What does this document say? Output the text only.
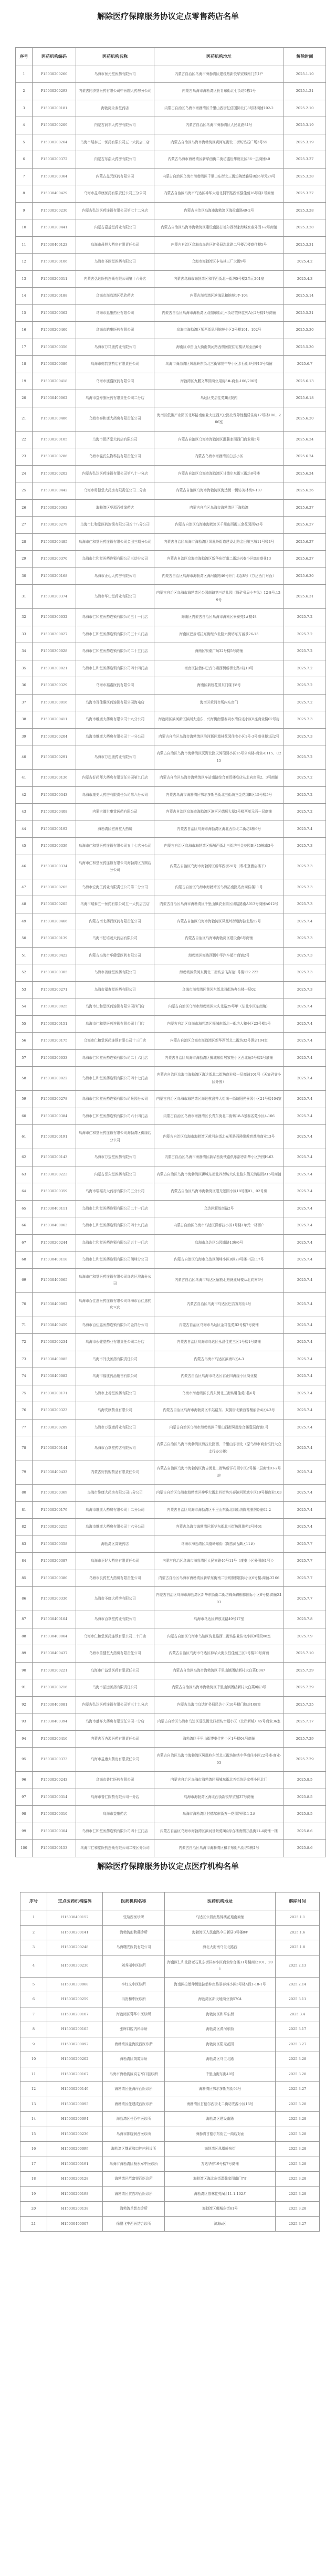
解除医疗保障服务协议定点零售药店名单
序号	医药机构编码	医药机构名称	医药机构地址	解除时间
1	P15030200260	乌海市医元堂医药有限公司	内蒙古自治区乌海市海勃湾区建设路新悦华贸城南门东1户	2025.1.10
2	P15030200293	内蒙古同济堂医药有限公司中医院大药房分公司	内蒙古乌海市海勃湾区长青东街北七街坊6栋1号	2025.1.21
3	P15030200181	海勃湾永泰堂药店	内蒙古自治区乌海市海勃湾区千里山西街亿信国际北门8号楼商铺102-2	2025.2.10
4	P15030200209	内蒙古润丰大药房有限公司	内蒙古自治区乌海市海勃湾区人民北路81号	2025.3.19
5	P15030200264	乌海市瑞泰五一医药有限公司五一大药店二店	内蒙古自治区乌海市海勃湾区黄河东街北二街坊钻石广场3号55	2025.3.19
6	P15030200372	内蒙古东浩大药房有限公司	内蒙古乌海市海勃湾区新华西街二街坊盛世华庭北区36一层商铺40	2025.3.27
7	P15030200364	内蒙古益元医药有限公司	内蒙古自治区乌海市海勃湾区千里山东街北三街坊陶然雅居B座6单元24号	2025.3.28
8	P15030400429	乌海市益寿康医药有限责任公司三分公司	内蒙古自治区乌海市乌达区神华大道北拥军路西富强佳苑16号楼1号商铺	2025.3.27
9	P15030200230	内蒙古弘达医药连锁有限公司第七十二分店	内蒙古自治区乌海市海勃湾区海拉南路49-2号	2025.3.28
10	P15030200441	内蒙古嘉益堂药业有限公司	内蒙古自治区乌海市海勃湾区建设南路甘德尔西街家海城家泰外围1-2号商铺	2025.3.28
11	P15030400123	乌海市晨旭大药房有限责任公司	内蒙古自治区乌海市乌达区矿务局沟北路二号楼乙楼商住楼5号	2025.3.31
12	P15030200106	乌海市圣医堂医药有限公司	乌海市海勃湾区卡布其三厂大街9号	2025.4.2
13	P15030200311	内蒙古弘达医药连锁有限公司第十六分店	内蒙古乌海市海勃湾区和平西街北一街坊5号楼2单元201室	2025.4.3
14	P15030200188	乌海市海勃湾区弘欣药店	内蒙古海勃湾区滨海恩和锦苑1#-104	2025.5.14
15	P15030200362	乌海市惠康药业有限公司	内蒙古自治区乌海市海勃湾区双拥东街北六街坊依林佳苑A区2号楼1号商铺	2025.5.21
16	P15030200460	乌海市皓康医药有限公司	乌海市海勃湾区紫西街恩河锦苑小区2号楼101、102号	2025.5.30
17	P15030300356	乌海市万祥康药业有限公司	海南区卓资山大街南黄河路西侧医院住宅楼从东至西6号	2025.5.30
18	P15030200389	乌海市荷韵堂药店有限责任公司	乌海市海渤湾区凤凰岭东街北三街锦绣中华小区步行街8号楼13号商铺	2025.6.7
19	P15030200418	乌海市康盛医药有限公司	海勃湾区九鹏文华园商业用房5#-商业-106/206号	2025.6.13
20	P15030400062	乌海市益寿康医药有限责任公司二分店	乌达区安居佳苑B区院内	2025.6.18
21	P15030300486	乌海市泰和康大药房有限责任公司	海南区低碳产业园区北环路南创业大道西兴业路北保障性租赁住房17号楼106、206室	2025.6.20
22	P15030200105	乌海市保济堂大药店有限公司	内蒙古自治区乌海市海勃湾区温馨家园西门商业楼5号	2025.6.24
23	P15030200286	乌海市温氏生物科技有限责任公司	内蒙古乌海市海勃湾区白云小区	2025.6.24
24	P15030200202	内蒙古弘达医药连锁有限公司第八十一分店	内蒙古自治区乌海市海勃湾区甘德尔东街三街坊8号楼	2025.6.24
25	P15030200442	乌海市勇健堂大药房有限责任公司二分店	内蒙古自治区乌海市海勃湾区海达街一街坊美林湾9-107	2025.6.26
26	P15030200363	海勃湾区华源百姓缘药店	内蒙古自治区乌海市海勃湾区下海勃湾	2025.6.27
27	P15030200279	乌海市仁和堂医药连锁有限公司五十八分公司	内蒙古自治区乌海市海勃湾区千里山西街三金花园西A3号	2025.6.27
28	P15030200485	乌海市仁和堂医药连锁有限公司金田三期分公司	内蒙古自治区乌海市海勃湾区凤凰岭街道建设北路金田第三城11号楼4号	2025.6.27
29	P15030200370	乌海市仁和堂医药连锁有限公司三幼分公司	内蒙古自治区乌海市海勃湾区新华东街南二街坊兴泰小区D座商业13	2025.6.27
30	P15030200168	乌海市正心大药房有限公司	内蒙古自治区乌海市海勃湾区海河南路46号开门北起8号（万达西门对面）	2025.6.30
31	P15030200374	乌海市华仁堂药业有限公司	内蒙古自治区乌海市海勃湾区公园南路第三幼儿园（原矿务局小车队）12-8号,12-9号	2025.6.31
32	P15030300032	乌海市仁和堂医药连锁有限公司三十一门店	海南区内蒙古自治区乌海市海南区景泰苑1#楼48	2025.7.2
33	P15030300027	乌海市仁和堂医药连锁有限公司三十八门店	海南区巴彦塔拉东街经六北路六街坊东方丽景26-15	2025.7.2
34	P15030300028	乌海市仁和堂医药连锁有限公司二十五门店	海南区银泰广场32号楼5号商铺	2025.7.2
35	P15030300021	乌海市仁和堂医药连锁有限公司四十四门店	海南区拉僧仲巴音乌素西街新桥北路1栋10号	2025.7.2
36	P15030300329	乌海市福鑫医药有限公司	海南区新桥花园东门楼下8号	2025.7.2
37	P15030300016	乌海市百佳惠医药连锁有限公司海屯店	海南区黄河市场内东南门	2025.7.2
38	P15030200411	乌海市维康大药房有限公司十九分公司	海勃湾区滨河新区滨河大道东、兴海街南银泰尚水湾住宅小区B座商业楼02号房	2025.7.3
39	P15030200204	乌海市维康大药房有限公司十一分公司	内蒙古自治区乌海市海勃湾区滨河新区澳林花园住宅小区1号-3号商业楼1层2号	2025.7.3
40	P15030200291	乌海市万忠康药业有限公司	内蒙古自治区乌海市海勃湾区沃野北路天鸿瑞园小区15号公寓楼-商业-C115、C215	2025.7.2
41	P15030200136	内蒙古好药师大药店有限责任公司第九门店	内蒙古自治区乌海市海勃湾区车站南路综合商贸楼底店从北向南第2、3号商铺	2025.7.2
42	P15030200343	乌海市康美大药房有限责任公司第六分公司	内蒙古乌海市海勃湾区鄂尔多斯西街北三街坊三金花园B区15号楼5号	2025.7.2
43	P15030200408	内蒙古御世康堂医药有限公司	内蒙古自治区乌海市海勃湾区滨河区德顺大厦2号楼西单元西一层商铺	2025.7.2
44	P15030200192	海勃湾区宏善堂大药房	内蒙古自治区乌海市海勃湾区海北西街北二街坊4栋6号	2025.7.4
45	P15030200339	乌海市仁和堂医药连锁有限公司五十七店分公司	内蒙古自治区乌海市海勃湾区狮城西街北三街坊三金花园B区15栋南3号	2025.7.3
46	P15030200334	乌海市仁和堂医药连锁有限公司海勃湾区方圆店分公司	内蒙古自治区乌海市海勃湾区新华西街28号（科来登酒店楼下）	2025.7.3
47	P15030200265	乌海市宏海王药业有限责任公司第二分公司	内蒙古自治区乌海市海勃湾区乌海站南路站南商住楼11号	2025.7.3
48	P15030200205	乌海市瑞泰五一医药有限公司五一大药店五店	内蒙古自治区乌海市海勃湾区千里山镇农业园区团结路南A013号商铺A012号	2025.7.3
49	P15030200466	内蒙古南北药行医药有限责任公司	内蒙古自治区乌海市海勃湾区凤凰岭街道海拉北路52号	2025.7.4
50	P15030200139	乌海市任培茂大药店有限公司	内蒙古自治区乌海市海勃湾区建设南6号商铺	2025.7.3
51	P15030200422	内蒙古乌海市华健堂医药有限公司	海勃湾区海达西街中孚汽车超市商铺2号	2025.7.3
52	P15030200305	乌海市善缘堂医药有限公司	海勃湾区黄河东街北二街坊云飞宾馆1号楼122.222	2025.7.3
53	P15030200271	乌海市福寿堂医药有限公司	乌海市海勃湾区黄河东街北四街坊办公楼一层02	2025.7.3
54	P15030200025	乌海市仁和堂医药连锁有限公司四门店	内蒙古自治区乌海市海勃湾区大庆北路29号甲（估北小区东南角）	2025.7.4
55	P15030200151	乌海市仁和堂医药连锁有限公司十门店	内蒙古自治区乌海市海勃湾区狮城东街北一街坊人和小区23号楼1号	2025.7.4
56	P15030200175	乌海市仁和堂医药连锁有限公司十三门店	内蒙古自治区乌海市海勃湾区新华西街北二街坊32号酒店104室	2025.7.4
57	P15030200033	乌海市仁和堂医药连锁有限公司二十六门店	内蒙古自治区乌海市海勃湾区狮城东街居家苑小区西北角5号楼2号底铺	2025.7.4
58	P15030200022	乌海市仁和堂医药连锁有限公司四十七门店	内蒙古自治区乌海市海勃湾区海达街北二街坊商业楼一层商铺101号（天宸君睿小区外围）	2025.7.4
59	P15030200278	乌海市仁和堂医药连锁有限公司景园分公司	内蒙古自治区乌海市海勃湾区海达棋盘井大街南一街坊阳光景园小区21号楼104室	2025.7.4
60	P15030200384	乌海市仁和堂医药连锁有限公司六十四门店	内蒙古自治区乌海市海勃湾区长青东街北二街坊18-5景泰名苑小区4-106	2025.7.4
61	P15030200191	乌海市仁和堂医药连锁有限公司海勃湾区御缘店分公司	内蒙古自治区乌海市海勃湾区黄河东街北光明路西瑛缘教育基地商业13号	2025.7.4
62	P15030200143	乌海市万宝堂医药有限公司	内蒙古自治区乌海市海勃湾区新华西街铁路俱乐部旁新华小区外围H-63	2025.7.4
63	P15030200223	内蒙古誉久堂医药有限公司	内蒙古自治区乌海市海勃湾区狮城东街北四街坊大庆北路东侧天鸿瑞园A15号商铺	2025.7.4
64	P15030200359	乌海市瑞福安大药房有限公司三分公司	内蒙古自治区乌海市海勃湾区阳光景园小区18号楼01、02号房	2025.7.4
65	P15030400111	乌海市仁和堂医药连锁有限公司二十一门店	乌达区解放南路2号	2025.7.4
66	P15030400063	乌海市仁和堂医药连锁有限公司四十九门店	内蒙古自治区乌海市乌达区满都拉小区1号楼1单元一楼西户	2025.7.4
67	P15030200244	乌海市仁和堂医药连锁有限公司五十一门店	乌海市乌达区公园南路13栋6号	2025.7.4
68	P15030400118	乌海市仁和堂医药连锁有限公司朗峰分公司	内蒙古自治区乌海市乌达区朗峰小区B区29号楼一层117号	2025.7.4
69	P15030400065	乌海市仁和堂医药连锁有限公司乌达区滨海分公司	内蒙古自治区乌海市乌达区解放北路就业局楼从北向南3号	2025.7.4
70	P15030400092	乌海市百佳惠医药连锁有限公司乌海市百佳惠药店三店	内蒙古自治区乌海市乌达区巴音赛东街4号	2025.7.4
71	P15030400459	乌海市百佳惠医药连锁有限公司金祥分公司	内蒙古自治区乌海市乌达区金祥佳苑B2号楼7号商铺	2025.7.4
72	P15030200234	乌海市永健堂药业有限责任公司二分店	内蒙古自治区乌海市乌达区永昌佳苑三区1号楼1号商铺	2025.7.4
73	P15030400085	乌海市闫氏医药有限责任公司	内蒙古乌海市乌达区滨海B区A-3	2025.7.4
74	P15030400082	乌海市福康药品销售有限公司	内蒙古自治区乌海市乌达区君正四海缘小区商业楼	2025.7.4
75	P15030200171	乌海市上善堂医药有限公司	乌海市海勃湾区长青东街北三街坊馨佳苑8栋6号	2025.7.4
76	P15030200323	乌海安康药业有限公司	内蒙古自治区乌海市海勃湾区车站路东、双拥街北紫西香榭丽舍A区4-3号	2025.7.4
77	P15030200289	乌海市万壹康药业有限公司	内蒙古自治区乌海市海勃湾区千里山西街凤凰综合楼壹层商铺1号	2025.7.4
78	P15030200144	乌海市百草堂药店有限公司	内蒙古自治区乌海市海勃湾区海拉北路西、千里山东街北（原乌海市商业银行大众支行办公楼）	2025.7.4
79	P15030400433	内蒙古好药购药品有限责任公司	内蒙古自治区乌海市海勃湾区海吉街北二街坊新洋花园小区2号楼一层商铺01-2号房	2025.7.4
80	P15030200369	乌海市维康大药房有限公司八分公司	内蒙古自治区乌海市海勃湾区神华大街北四街坊兴泰滨河领域小区19号楼商业103	2025.7.4
81	P15030200179	乌海市维康大药房有限公司十二分公司	内蒙古自治区乌海市海勃湾区千里山东街北四街坊陶然雅居Q座02-2	2025.7.4
82	P15030200215	乌海市维康大药房有限公司十六分公司	内蒙古乌海市海勃湾区新华东街北三街坊凯豫苑2号楼01	2025.7.4
83	P15030200358	海勃湾区高媛药店	乌海市海勃湾区凤凰岭东街（陶然尚品B区11#）	2025.7.7
84	P15030200387	乌海市正好大药房有限责任公司	内蒙古自治区乌海市海勃湾区人民南路46号11号（康泰小区外围南1号））	2025.7.7
85	P15030200380	乌海市良药堂大药房有限责任公司	内蒙古自治区乌海市海勃湾区新华东街南二街坊橱都国际小区6号楼-商铺-Z106	2025.7.7
86	P15030200336	乌海市圣康大药房有限公司	内蒙古自治区乌海市海勃湾区新华东街南二街坊锦尚锦橱都国际小区6号楼-商铺Z103	2025.7.7
87	P15030400104	乌海市百草堂药业有限公司	乌海市乌达区解放北路49号17室	2025.7.8
88	P15030400064	乌海市仁和堂医药连锁有限公司二十门店	内蒙古自治区乌海市乌达区沟北路西二街坊浩业住宅小区8号段08室	2025.7.9
89	P15030400437	乌海市勇健堂大药房有限责任公司	内蒙古自治区乌海市乌达区神华大街永昌佳苑三区1号楼20号商铺	2025.7.10
90	P15030200221	乌海市广益堂医药有限责任公司	内蒙古自治区乌海市海勃湾区千里山镇团结新村大白菜D047	2025.7.29
91	P15030200216	乌海市弘远医药有限责任公司	内蒙古自治区乌海市海勃湾区千里山镇团结新村大白菜8栋3号	2025.7.29
92	P15030400081	内蒙古弘达医药连锁有限公司第三十九分店	内蒙古乌海市乌达矿务局民达小区10号楼门脸房108室	2025.7.25
93	P15030400394	乌海市盛祥大药房有限责任公司一分店	内蒙古自治区乌海市乌达区爱民街北四街坊幸福小区（北岸新城）45号商业36室	2025.7.17
94	P15030200416	内蒙古百杏源医药有限责任公司	海勃湾区千里山街博泰佳苑小区1号楼04号商铺	2025.7.29
95	P15030200373	乌海市益康大药房有限责任公司	内蒙古自治区乌海市海勃湾区凤凰岭东街北三街坊锦绣中华商住小区22号楼-商业-03	2025.7.29
96	P15030200243	乌海市普仁医药有限公司	内蒙古自治区乌海市海勃湾区狮城东街北五街坊居家苑小区北门	2025.8.5
97	P15030200314	乌海市普仁医药有限公司一分店	乌海市海勃湾区海北西街新锐华贸城37号商铺	2025.8.5
98	P15030200310	乌海市益康药店	乌海市海勃湾区甘德尔东街五一花园外围11-2#	2025.8.5
99	P15030200304	乌海市仁和堂医药连锁有限公司四十五门店	内蒙古自治区乌海市海勃湾区滨河世景苑B区综合楼南侧万晨街11-4商铺一楼	2025.8.6
100	P15030200153	乌海市仁和堂医药连锁有限公司二楼区分公司	内蒙古自治区乌海市海勃湾区和平东街八街坊1栋1号	2025.8.6
解除医疗保障服务协议定点医疗机构名单
序号	定点医药机构编码	医药机构名称	医药机构地址	解除时间
1	H15030400152	张瑄西医诊所	乌达区公园南路锦绣花苑南商铺	2025.1.1
2	H15030200141	海勃湾彭秋燕诊所	海勃湾区人民南路今日新居3号楼8#	2025.1.6
3	H15030200248	乌海曙光医院有限公司	海北大街南乌兰北路西	2025.1.8
4	H15030300230	刘秀丽中医诊所	海南区仁和北路老石旦东街祥泰小区商业综合楼31号楼商业101、201	2025.2.13
5	H15030300068	李红文中医诊所	海南区拉僧仲街道拉僧仲南路景泰苑小区3号楼A段1-18-1号	2025.2.14
6	H15030200259	冯贵和中医诊所	海勃湾区新天地商业街5704	2025.3.11
7	H15030200107	海勃湾区蒋华中医诊所	海勃湾区和平东街	2025.3.4
8	H15030200105	张晖口腔内科诊所	海勃湾区黄河东街	2025.3.17
9	H15030200092	海勃湾区孟海波西医诊所	海勃湾区阳光花园	2025.3.27
10	H15030200202	海勃湾区刘霞诊所	海勃湾区乌兰北路	2025.3.28
11	H15030200167	乌海市海勃湾区高志军口腔诊所	千里山街东街40号	2025.3.28
12	H15030200149	海勃湾区张海萍西医诊所	海勃湾区鄂尔多斯东街94号	2025.3.27
13	H15030200095	海勃湾区任建成西医诊所	海勃湾区甘德尔西街北二街坊光源小区15号	2025.3.28
14	H15030200094	海勃湾区任芬中医诊所	海勃湾区建设南路	2025.3.28
15	H15030200236	乌海市陈晓润西医诊所	海勃湾甘德尔东街五一商店对面	2025.3.28
16	H15030200099	海勃湾区魏素和口腔内科诊所	海勃湾区凤凰岭东街	2025.3.28
17	H15030200191	乌海市海勃湾区杨永军中医诊所	万达华府19号楼7号商铺	2025.3.28
18	H15030200128	海勃湾区范富荣西医诊所	海勃湾区海北东街温馨家园南门7#	2025.3.28
19	H15030200198	海勃湾区贺哲坤西医诊所	海勃湾区依林佳苑A区11-1-102#	2025.3.28
20	H15030200138	海勃湾单智杰诊所	海勃湾区狮城东街61号	2025.3.28
21	H15030400007	徐鹏飞中西医结合诊所	滨海c区	2025.3.27
